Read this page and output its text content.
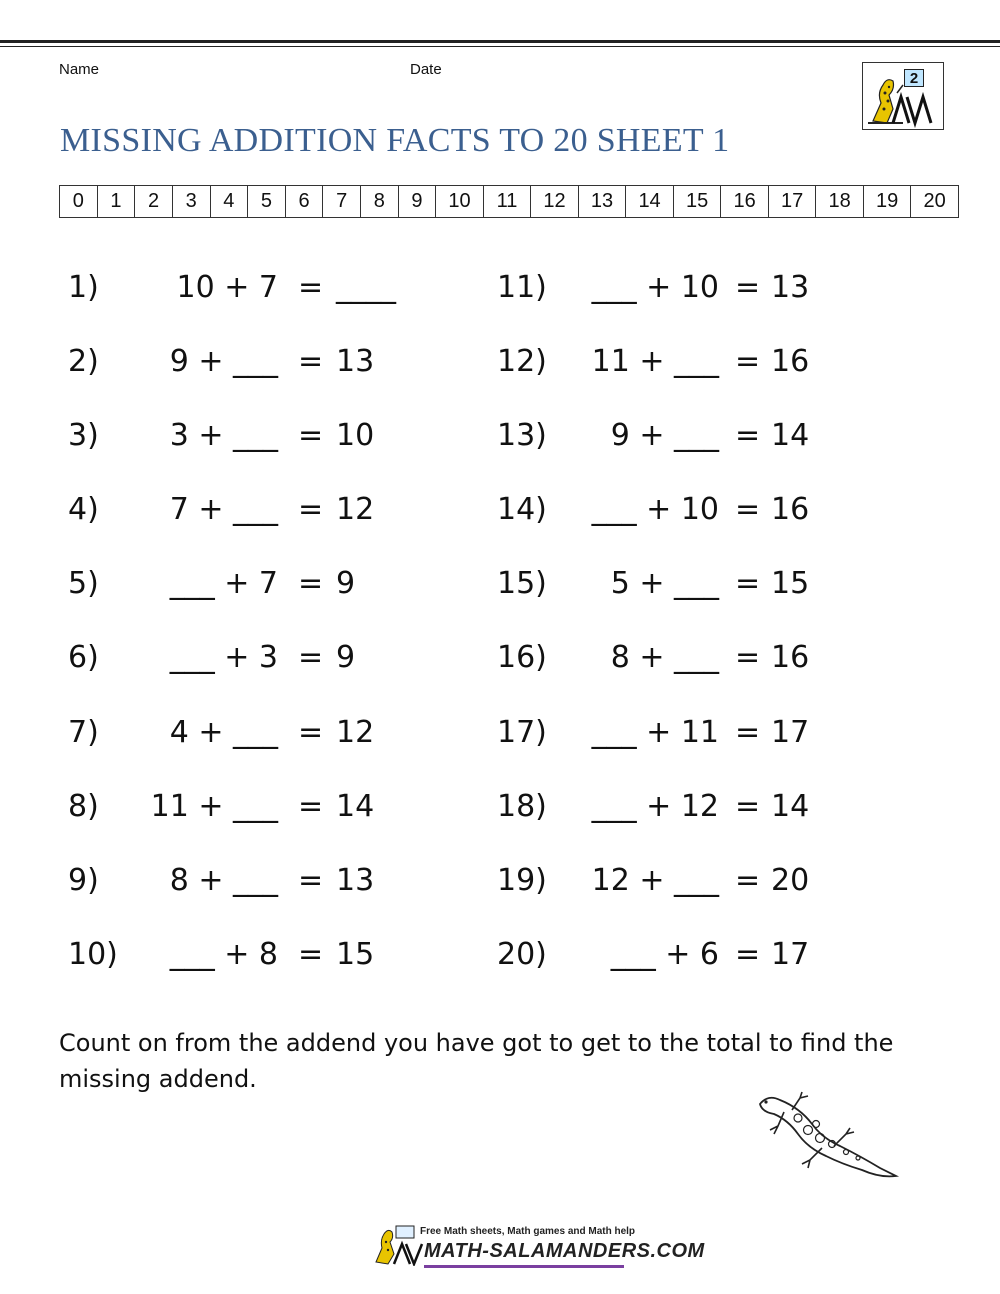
Name	Date
2
MISSING ADDITION FACTS TO 20 SHEET 1
0	1	2	3	4	5	6	7	8	9	10	11	12	13	14	15	16	17	18	19	20
1)	10 + 7 = ____
2)	9 + ___ = 13
3)	3 + ___ = 10
4)	7 + ___ = 12
5)	___ + 7 = 9
6)	___ + 3 = 9
7)	4 + ___ = 12
8)	11 + ___ = 14
9)	8 + ___ = 13
10)	___ + 8 = 15
11)	___ + 10 = 13
12)	11 + ___ = 16
13)	9 + ___ = 14
14)	___ + 10 = 16
15)	5 + ___ = 15
16)	8 + ___ = 16
17)	___ + 11 = 17
18)	___ + 12 = 14
19)	12 + ___ = 20
20)	___ + 6 = 17
Count on from the addend you have got to get to the total to find the missing addend.
Free Math sheets, Math games and Math help
MATH-SALAMANDERS.COM
